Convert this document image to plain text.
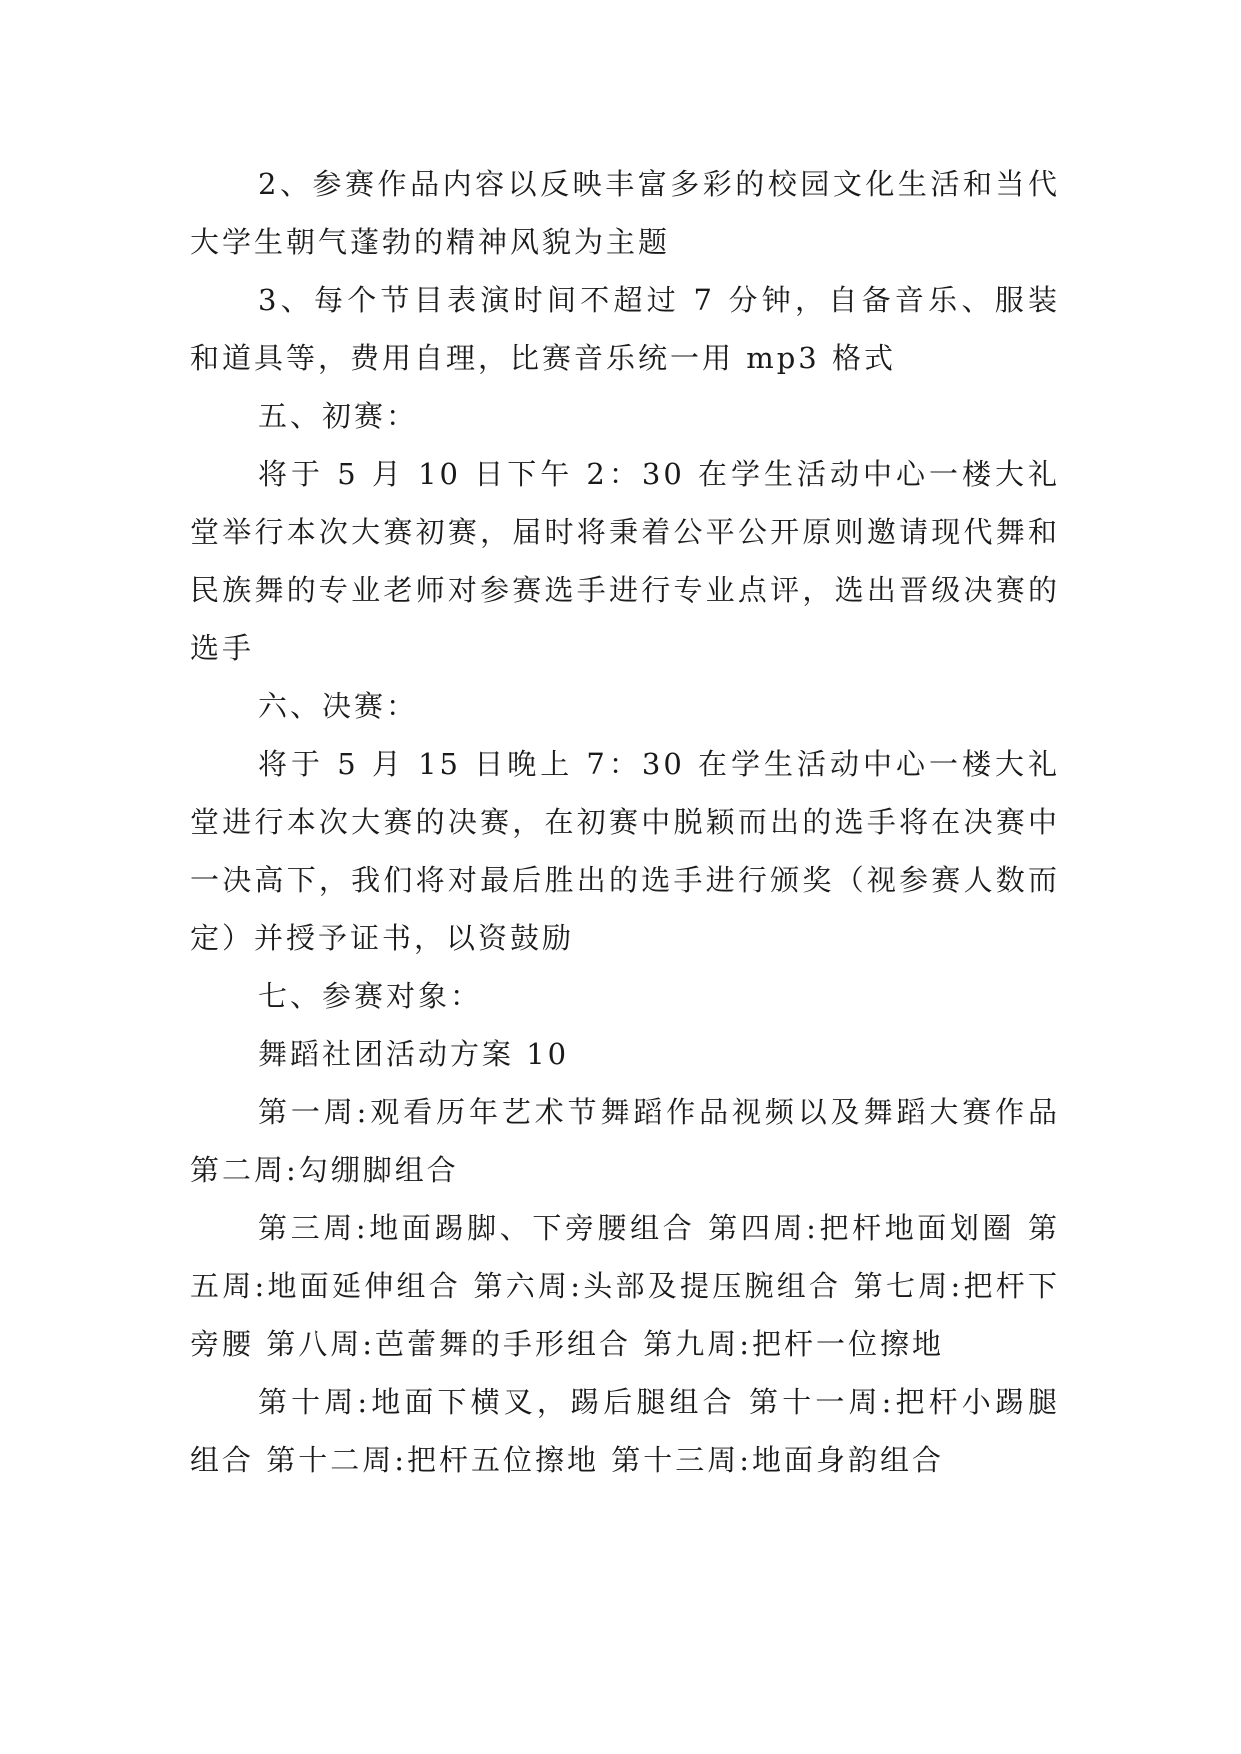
2、参赛作品内容以反映丰富多彩的校园文化生活和当代大学生朝气蓬勃的精神风貌为主题

3、每个节目表演时间不超过 7 分钟，自备音乐、服装和道具等，费用自理，比赛音乐统一用 mp3 格式

五、初赛：

将于 5 月 10 日下午 2：30 在学生活动中心一楼大礼堂举行本次大赛初赛，届时将秉着公平公开原则邀请现代舞和民族舞的专业老师对参赛选手进行专业点评，选出晋级决赛的选手

六、决赛：

将于 5 月 15 日晚上 7：30 在学生活动中心一楼大礼堂进行本次大赛的决赛，在初赛中脱颖而出的选手将在决赛中一决高下，我们将对最后胜出的选手进行颁奖（视参赛人数而定）并授予证书，以资鼓励

七、参赛对象：

舞蹈社团活动方案 10

第一周:观看历年艺术节舞蹈作品视频以及舞蹈大赛作品 第二周:勾绷脚组合

第三周:地面踢脚、下旁腰组合 第四周:把杆地面划圈 第五周:地面延伸组合 第六周:头部及提压腕组合 第七周:把杆下旁腰 第八周:芭蕾舞的手形组合 第九周:把杆一位擦地

第十周:地面下横叉，踢后腿组合 第十一周:把杆小踢腿组合 第十二周:把杆五位擦地 第十三周:地面身韵组合
